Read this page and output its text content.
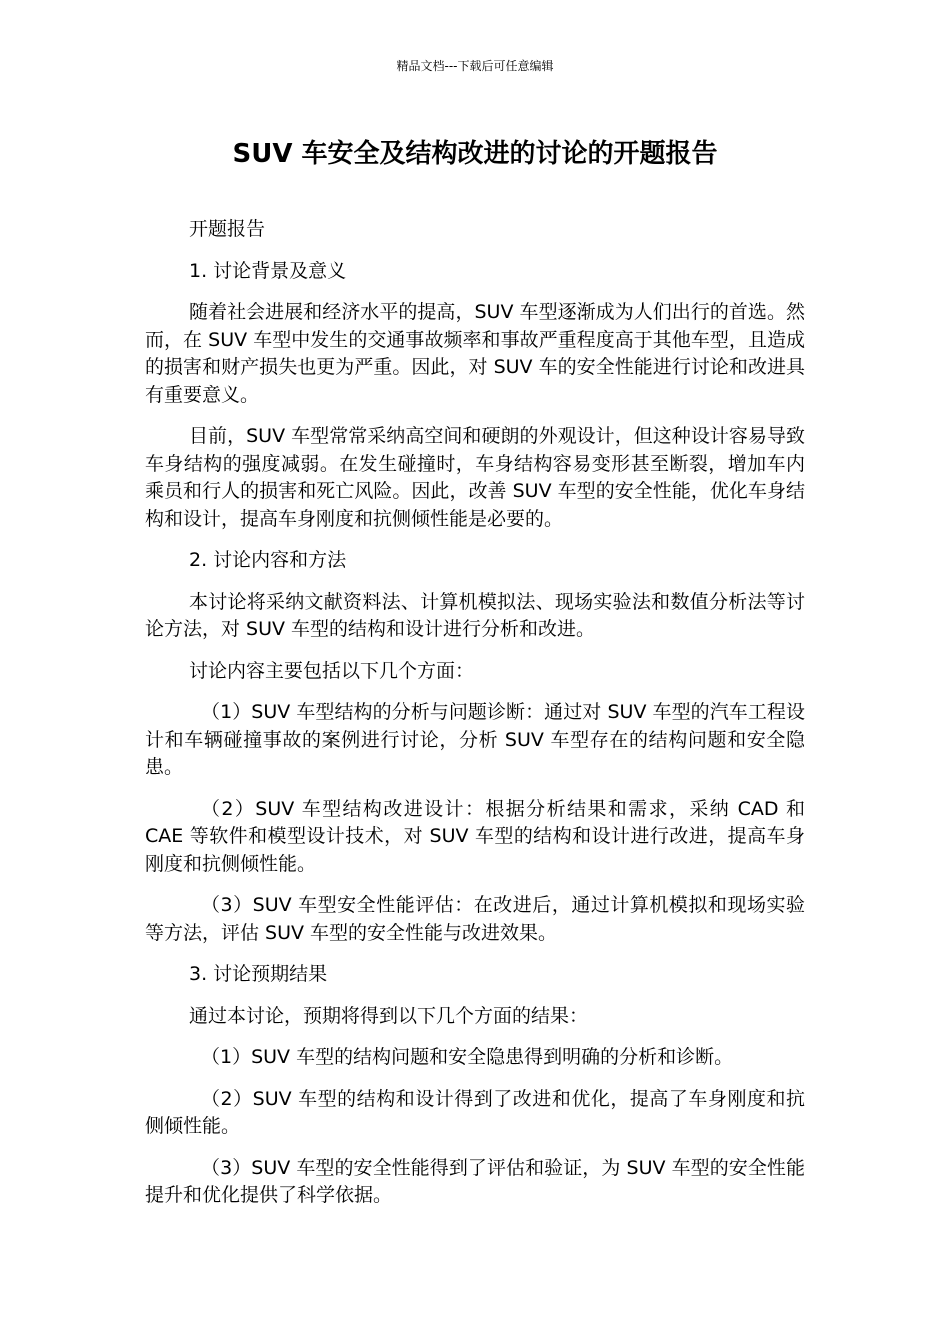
精品文档---下载后可任意编辑
SUV 车安全及结构改进的讨论的开题报告

开题报告

1. 讨论背景及意义

随着社会进展和经济水平的提高，SUV 车型逐渐成为人们出行的首选。然而，在 SUV 车型中发生的交通事故频率和事故严重程度高于其他车型，且造成的损害和财产损失也更为严重。因此，对 SUV 车的安全性能进行讨论和改进具有重要意义。

目前，SUV 车型常常采纳高空间和硬朗的外观设计，但这种设计容易导致车身结构的强度减弱。在发生碰撞时，车身结构容易变形甚至断裂，增加车内乘员和行人的损害和死亡风险。因此，改善 SUV 车型的安全性能，优化车身结构和设计，提高车身刚度和抗侧倾性能是必要的。

2. 讨论内容和方法

本讨论将采纳文献资料法、计算机模拟法、现场实验法和数值分析法等讨论方法，对 SUV 车型的结构和设计进行分析和改进。

讨论内容主要包括以下几个方面：

（1）SUV 车型结构的分析与问题诊断：通过对 SUV 车型的汽车工程设计和车辆碰撞事故的案例进行讨论，分析 SUV 车型存在的结构问题和安全隐患。

（2）SUV 车型结构改进设计：根据分析结果和需求，采纳 CAD 和 CAE 等软件和模型设计技术，对 SUV 车型的结构和设计进行改进，提高车身刚度和抗侧倾性能。

（3）SUV 车型安全性能评估：在改进后，通过计算机模拟和现场实验等方法，评估 SUV 车型的安全性能与改进效果。

3. 讨论预期结果

通过本讨论，预期将得到以下几个方面的结果：

（1）SUV 车型的结构问题和安全隐患得到明确的分析和诊断。

（2）SUV 车型的结构和设计得到了改进和优化，提高了车身刚度和抗侧倾性能。

（3）SUV 车型的安全性能得到了评估和验证，为 SUV 车型的安全性能提升和优化提供了科学依据。
